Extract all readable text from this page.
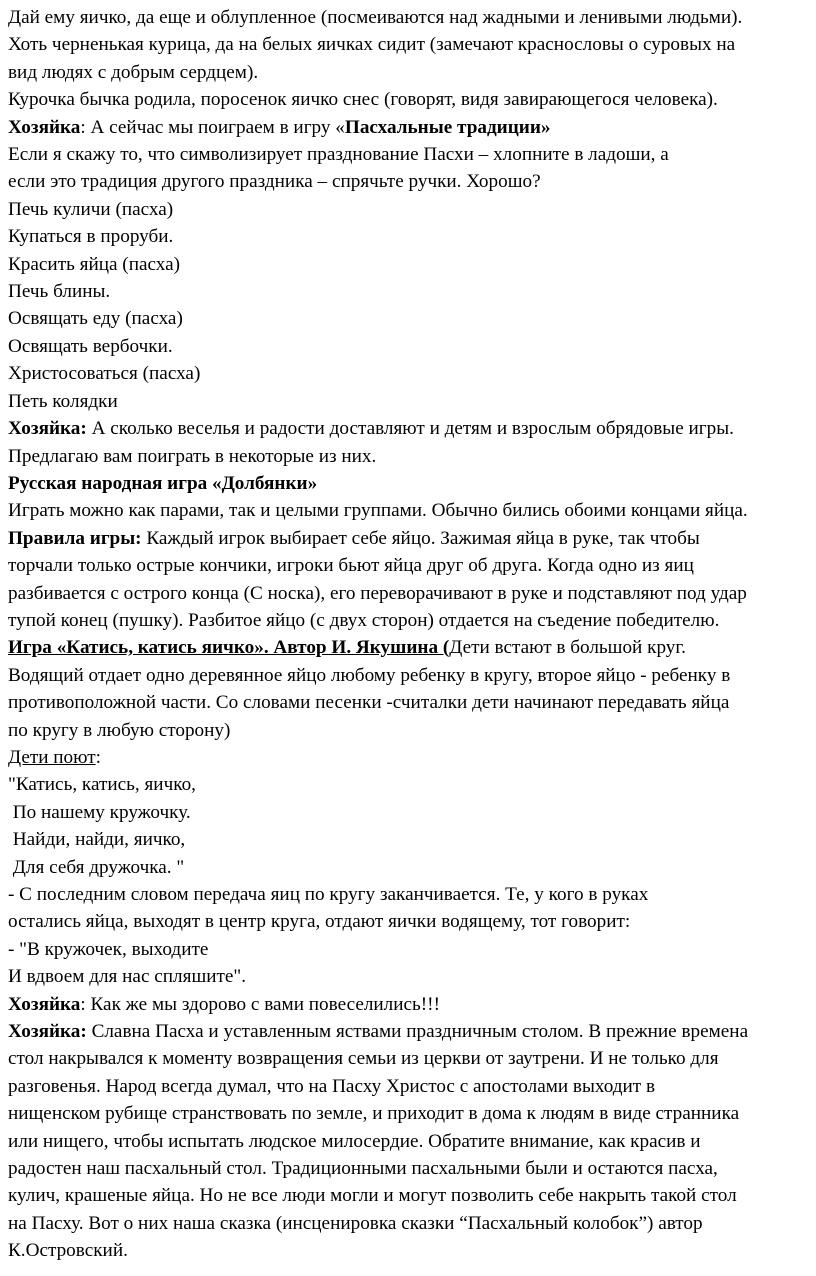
Дай ему яичко, да еще и облупленное (посмеиваются над жадными и ленивыми людьми).
Хоть черненькая курица, да на белых яичках сидит (замечают краснословы о суровых на
вид людях с добрым сердцем).
Курочка бычка родила, поросенок яичко снес (говорят, видя завирающегося человека).
Хозяйка: А сейчас мы поиграем в игру «Пасхальные традиции»
Если я скажу то, что символизирует празднование Пасхи – хлопните в ладоши, а
если это традиция другого праздника – спрячьте ручки. Хорошо?
Печь куличи (пасха)
Купаться в проруби.
Красить яйца (пасха)
Печь блины.
Освящать еду (пасха)
Освящать вербочки.
Христосоваться (пасха)
Петь колядки
Хозяйка: А сколько веселья и радости доставляют и детям и взрослым обрядовые игры.
Предлагаю вам поиграть в некоторые из них.
Русская народная игра «Долбянки»
Играть можно как парами, так и целыми группами. Обычно бились обоими концами яйца.
Правила игры: Каждый игрок выбирает себе яйцо. Зажимая яйца в руке, так чтобы
торчали только острые кончики, игроки бьют яйца друг об друга. Когда одно из яиц
разбивается с острого конца (С носка), его переворачивают в руке и подставляют под удар
тупой конец (пушку). Разбитое яйцо (с двух сторон) отдается на съедение победителю.
Игра «Катись, катись яичко». Автор И. Якушина (Дети встают в большой круг.
Водящий отдает одно деревянное яйцо любому ребенку в кругу, второе яйцо - ребенку в
противоположной части. Со словами песенки -считалки дети начинают передавать яйца
по кругу в любую сторону)
Дети поют:
"Катись, катись, яичко,
По нашему кружочку.
Найди, найди, яичко,
Для себя дружочка. "
- С последним словом передача яиц по кругу заканчивается. Те, у кого в руках
остались яйца, выходят в центр круга, отдают яички водящему, тот говорит:
- "В кружочек, выходите
И вдвоем для нас спляшите".
Хозяйка: Как же мы здорово с вами повеселились!!!
Хозяйка: Славна Пасха и уставленным яствами праздничным столом. В прежние времена
стол накрывался к моменту возвращения семьи из церкви от заутрени. И не только для
разговенья. Народ всегда думал, что на Пасху Христос с апостолами выходит в
нищенском рубище странствовать по земле, и приходит в дома к людям в виде странника
или нищего, чтобы испытать людское милосердие. Обратите внимание, как красив и
радостен наш пасхальный стол. Традиционными пасхальными были и остаются пасха,
кулич, крашеные яйца. Но не все люди могли и могут позволить себе накрыть такой стол
на Пасху. Вот о них наша сказка (инсценировка сказки “Пасхальный колобок”) автор
К.Островский.
